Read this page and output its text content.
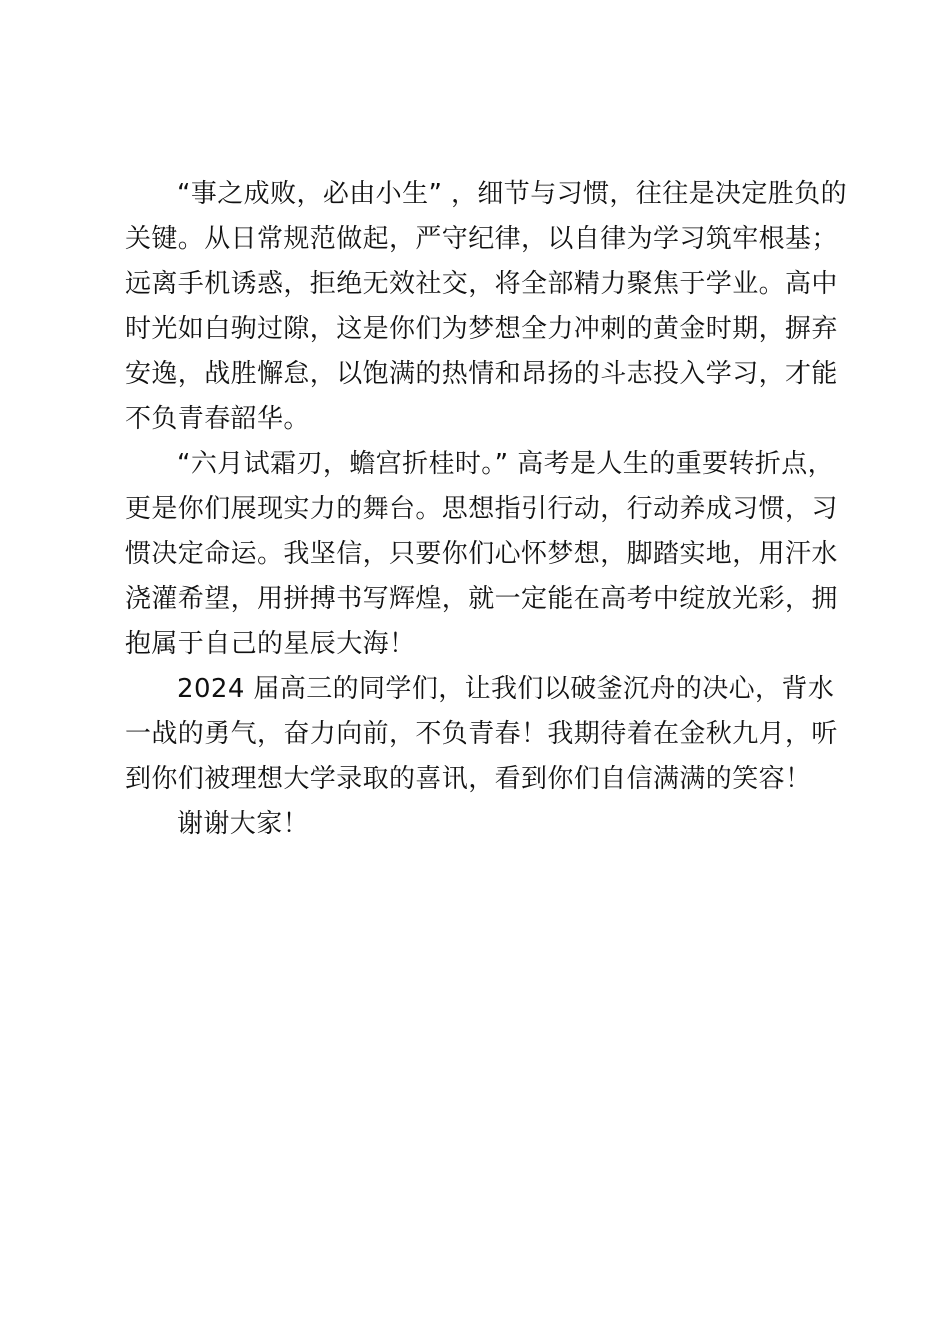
“事之成败，必由小生” ，细节与习惯，往往是决定胜负的
关键。从日常规范做起，严守纪律，以自律为学习筑牢根基；
远离手机诱惑，拒绝无效社交，将全部精力聚焦于学业。高中
时光如白驹过隙，这是你们为梦想全力冲刺的黄金时期，摒弃
安逸，战胜懈怠，以饱满的热情和昂扬的斗志投入学习，才能
不负青春韶华。
“六月试霜刃，蟾宫折桂时。” 高考是人生的重要转折点，
更是你们展现实力的舞台。思想指引行动，行动养成习惯，习
惯决定命运。我坚信，只要你们心怀梦想，脚踏实地，用汗水
浇灌希望，用拼搏书写辉煌，就一定能在高考中绽放光彩，拥
抱属于自己的星辰大海！
2024 届高三的同学们，让我们以破釜沉舟的决心，背水
一战的勇气，奋力向前，不负青春！我期待着在金秋九月，听
到你们被理想大学录取的喜讯，看到你们自信满满的笑容！
谢谢大家！
